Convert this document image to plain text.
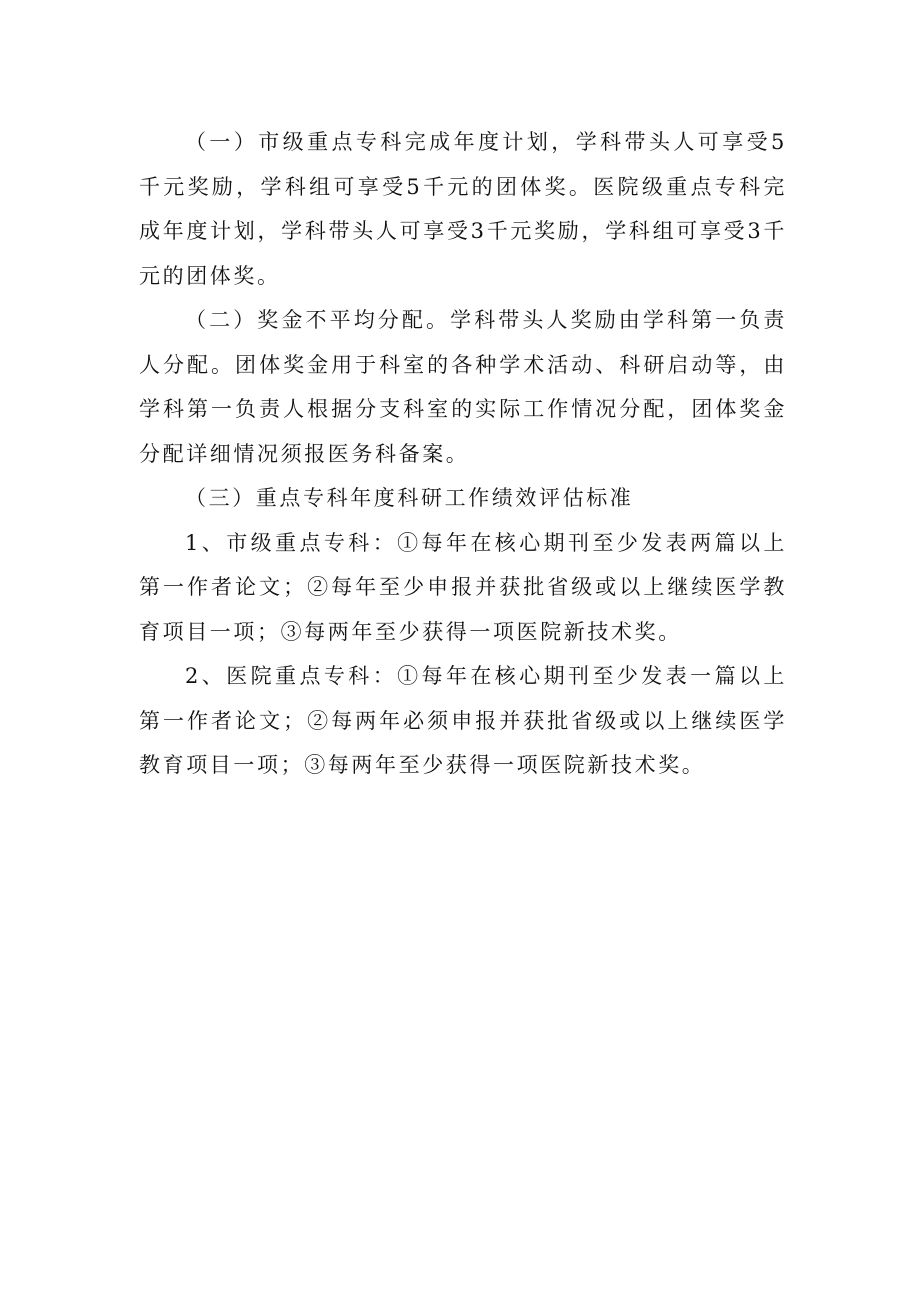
（一）市级重点专科完成年度计划，学科带头人可享受5千元奖励，学科组可享受5千元的团体奖。医院级重点专科完成年度计划，学科带头人可享受3千元奖励，学科组可享受3千元的团体奖。

（二）奖金不平均分配。学科带头人奖励由学科第一负责人分配。团体奖金用于科室的各种学术活动、科研启动等，由学科第一负责人根据分支科室的实际工作情况分配，团体奖金分配详细情况须报医务科备案。

（三）重点专科年度科研工作绩效评估标准

1、市级重点专科：①每年在核心期刊至少发表两篇以上第一作者论文；②每年至少申报并获批省级或以上继续医学教育项目一项；③每两年至少获得一项医院新技术奖。

2、医院重点专科：①每年在核心期刊至少发表一篇以上第一作者论文；②每两年必须申报并获批省级或以上继续医学教育项目一项；③每两年至少获得一项医院新技术奖。
